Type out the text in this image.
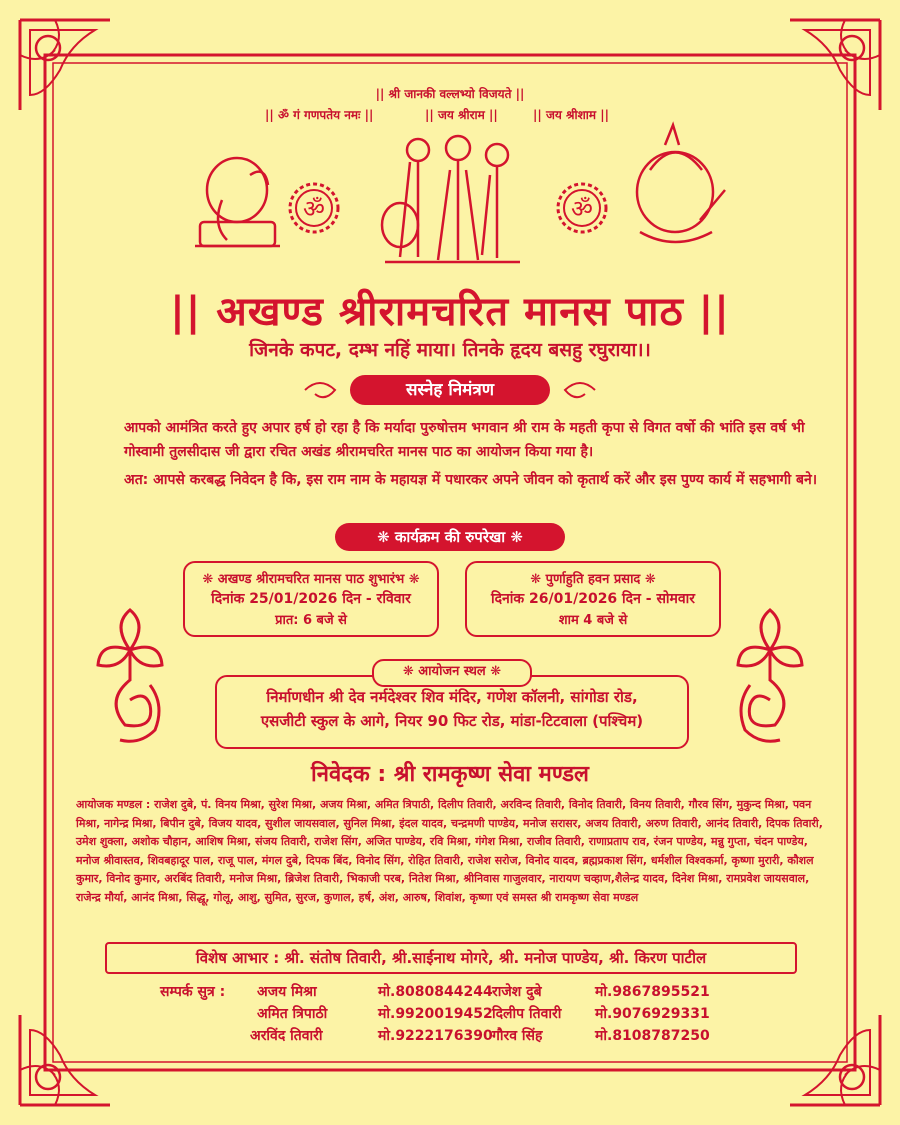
ॐ	ॐ
|| श्री जानकी वल्लभ्यो विजयते ||
|| ॐ गं गणपतेय नमः ||	|| जय श्रीराम ||	|| जय श्रीशाम ||
|| अखण्ड श्रीरामचरित मानस पाठ ||
जिनके कपट, दम्भ नहिं माया। तिनके हृदय बसहु रघुराया।।
सस्नेह निमंत्रण
आपको आमंत्रित करते हुए अपार हर्ष हो रहा है कि मर्यादा पुरुषोत्तम भगवान श्री राम के महती कृपा से विगत वर्षो की भांति इस वर्ष भी गोस्वामी तुलसीदास जी द्वारा रचित अखंड श्रीरामचरित मानस पाठ का आयोजन किया गया है।
अत: आपसे करबद्ध निवेदन है कि, इस राम नाम के महायज्ञ में पधारकर अपने जीवन को कृतार्थ करें और इस पुण्य कार्य में सहभागी बने।
❋ कार्यक्रम की रुपरेखा ❋
❋ अखण्ड श्रीरामचरित मानस पाठ शुभारंभ ❋
दिनांक 25/01/2026 दिन - रविवार
प्रात: 6 बजे से
❋ पुर्णाहुति हवन प्रसाद ❋
दिनांक 26/01/2026 दिन - सोमवार
शाम 4 बजे से
❋ आयोजन स्थल ❋
निर्माणधीन श्री देव नर्मदेश्वर शिव मंदिर, गणेश कॉलनी, सांगोडा रोड,
एसजीटी स्कुल के आगे, नियर 90 फिट रोड, मांडा-टिटवाला (पश्चिम)
निवेदक : श्री रामकृष्ण सेवा मण्डल
आयोजक मण्डल : राजेश दुबे, पं. विनय मिश्रा, सुरेश मिश्रा, अजय मिश्रा, अमित त्रिपाठी, दिलीप तिवारी, अरविन्द तिवारी, विनोद तिवारी, विनय तिवारी, गौरव सिंग, मुकुन्द मिश्रा, पवन मिश्रा, नागेन्द्र मिश्रा, बिपीन दुबे, विजय यादव, सुशील जायसवाल, सुनिल मिश्रा, इंदल यादव, चन्द्रमणी पाण्डेय, मनोज सरासर, अजय तिवारी, अरुण तिवारी, आनंद तिवारी, दिपक तिवारी, उमेश शुक्ला, अशोक चौहान, आशिष मिश्रा, संजय तिवारी, राजेश सिंग, अजित पाण्डेय, रवि मिश्रा, गंगेश मिश्रा, राजीव तिवारी, राणाप्रताप राव, रंजन पाण्डेय, मन्नु गुप्ता, चंदन पाण्डेय, मनोज श्रीवास्तव, शिवबहादूर पाल, राजू पाल, मंगल दुबे, दिपक बिंद, विनोद सिंग, रोहित तिवारी, राजेश सरोज, विनोद यादव, ब्रह्मप्रकाश सिंग, धर्मशील विश्वकर्मा, कृष्णा मुरारी, कौशल कुमार, विनोद कुमार, अरबिंद तिवारी, मनोज मिश्रा, ब्रिजेश तिवारी, भिकाजी परब, नितेश मिश्रा, श्रीनिवास गाजुलवार, नारायण चव्हाण,शैलेन्द्र यादव, दिनेश मिश्रा, रामप्रवेश जायसवाल, राजेन्द्र मौर्या, आनंद मिश्रा, सिद्धू, गोलू, आशु, सुमित, सुरज, कुणाल, हर्ष, अंश, आरुष, शिवांश, कृष्णा एवं समस्त श्री रामकृष्ण सेवा मण्डल
विशेष आभार : श्री. संतोष तिवारी, श्री.साईनाथ मोगरे, श्री. मनोज पाण्डेय, श्री. किरण पाटील
सम्पर्क सुत्र : अजय मिश्रा	मो.8080844244 राजेश दुबे	मो.9867895521
अमित त्रिपाठी	मो.9920019452 दिलीप तिवारी मो.9076929331
अरविंद तिवारी	मो.9222176390 गौरव सिंह	मो.8108787250
